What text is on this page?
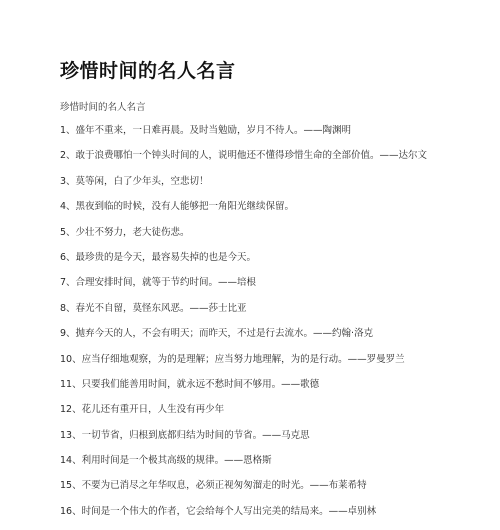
珍惜时间的名人名言
珍惜时间的名人名言
1、盛年不重来，一日难再晨。及时当勉励，岁月不待人。——陶渊明
2、敢于浪费哪怕一个钟头时间的人，说明他还不懂得珍惜生命的全部价值。——达尔文
3、莫等闲，白了少年头，空悲切！
4、黑夜到临的时候，没有人能够把一角阳光继续保留。
5、少壮不努力，老大徒伤悲。
6、最珍贵的是今天，最容易失掉的也是今天。
7、合理安排时间，就等于节约时间。——培根
8、春光不自留，莫怪东风恶。——莎士比亚
9、抛弃今天的人，不会有明天；而昨天，不过是行去流水。——约翰·洛克
10、应当仔细地观察，为的是理解；应当努力地理解，为的是行动。——罗曼罗兰
11、只要我们能善用时间，就永远不愁时间不够用。——歌德
12、花儿还有重开日，人生没有再少年
13、一切节省，归根到底都归结为时间的节省。——马克思
14、利用时间是一个极其高级的规律。——恩格斯
15、不要为已消尽之年华叹息，必须正视匆匆溜走的时光。——布莱希特
16、时间是一个伟大的作者，它会给每个人写出完美的结局来。——卓别林
